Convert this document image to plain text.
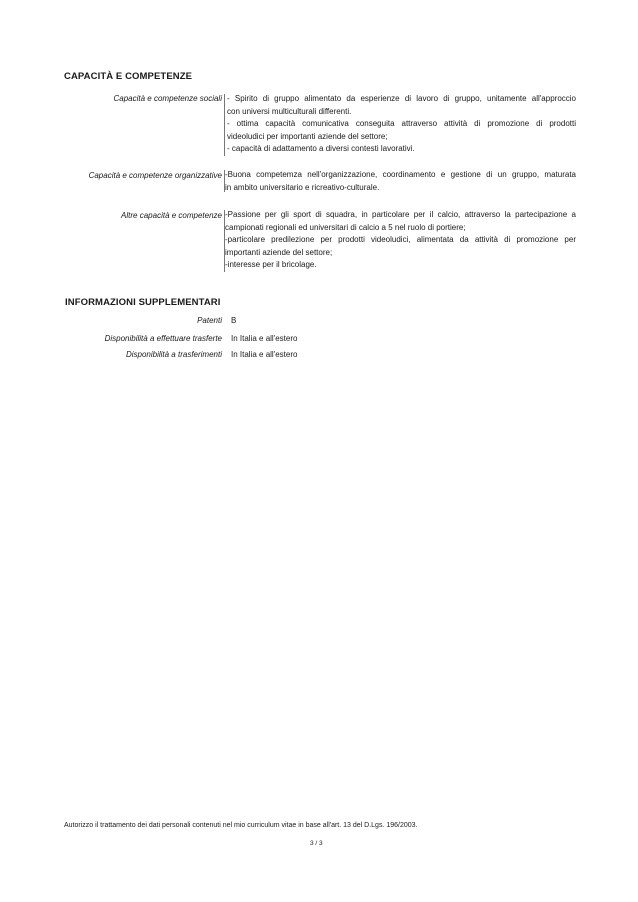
CAPACITÀ E COMPETENZE
Capacità e competenze sociali - Spirito di gruppo alimentato da esperienze di lavoro di gruppo, unitamente all'approccio
con universi multiculturali differenti.
- ottima capacità comunicativa conseguita attraverso attività di promozione di prodotti
videoludici per importanti aziende del settore;
- capacità di adattamento a diversi contesti lavorativi.
Capacità e competenze organizzative -Buona competemza nell'organizzazione, coordinamento e gestione di un gruppo, maturata
in ambito universitario e ricreativo-culturale.
Altre capacità e competenze -Passione per gli sport di squadra, in particolare per il calcio, attraverso la partecipazione a
campionati regionali ed universitari di calcio a 5 nel ruolo di portiere;
-particolare predilezione per prodotti videoludici, alimentata da attività di promozione per
importanti aziende del settore;
-interesse per il bricolage.
INFORMAZIONI SUPPLEMENTARI
Patenti B
Disponibilità a effettuare trasferte In Italia e all'estero
Disponibilità a trasferimenti In Italia e all'estero
Autorizzo il trattamento dei dati personali contenuti nel mio curriculum vitae in base all'art. 13 del D.Lgs. 196/2003.
3 / 3
